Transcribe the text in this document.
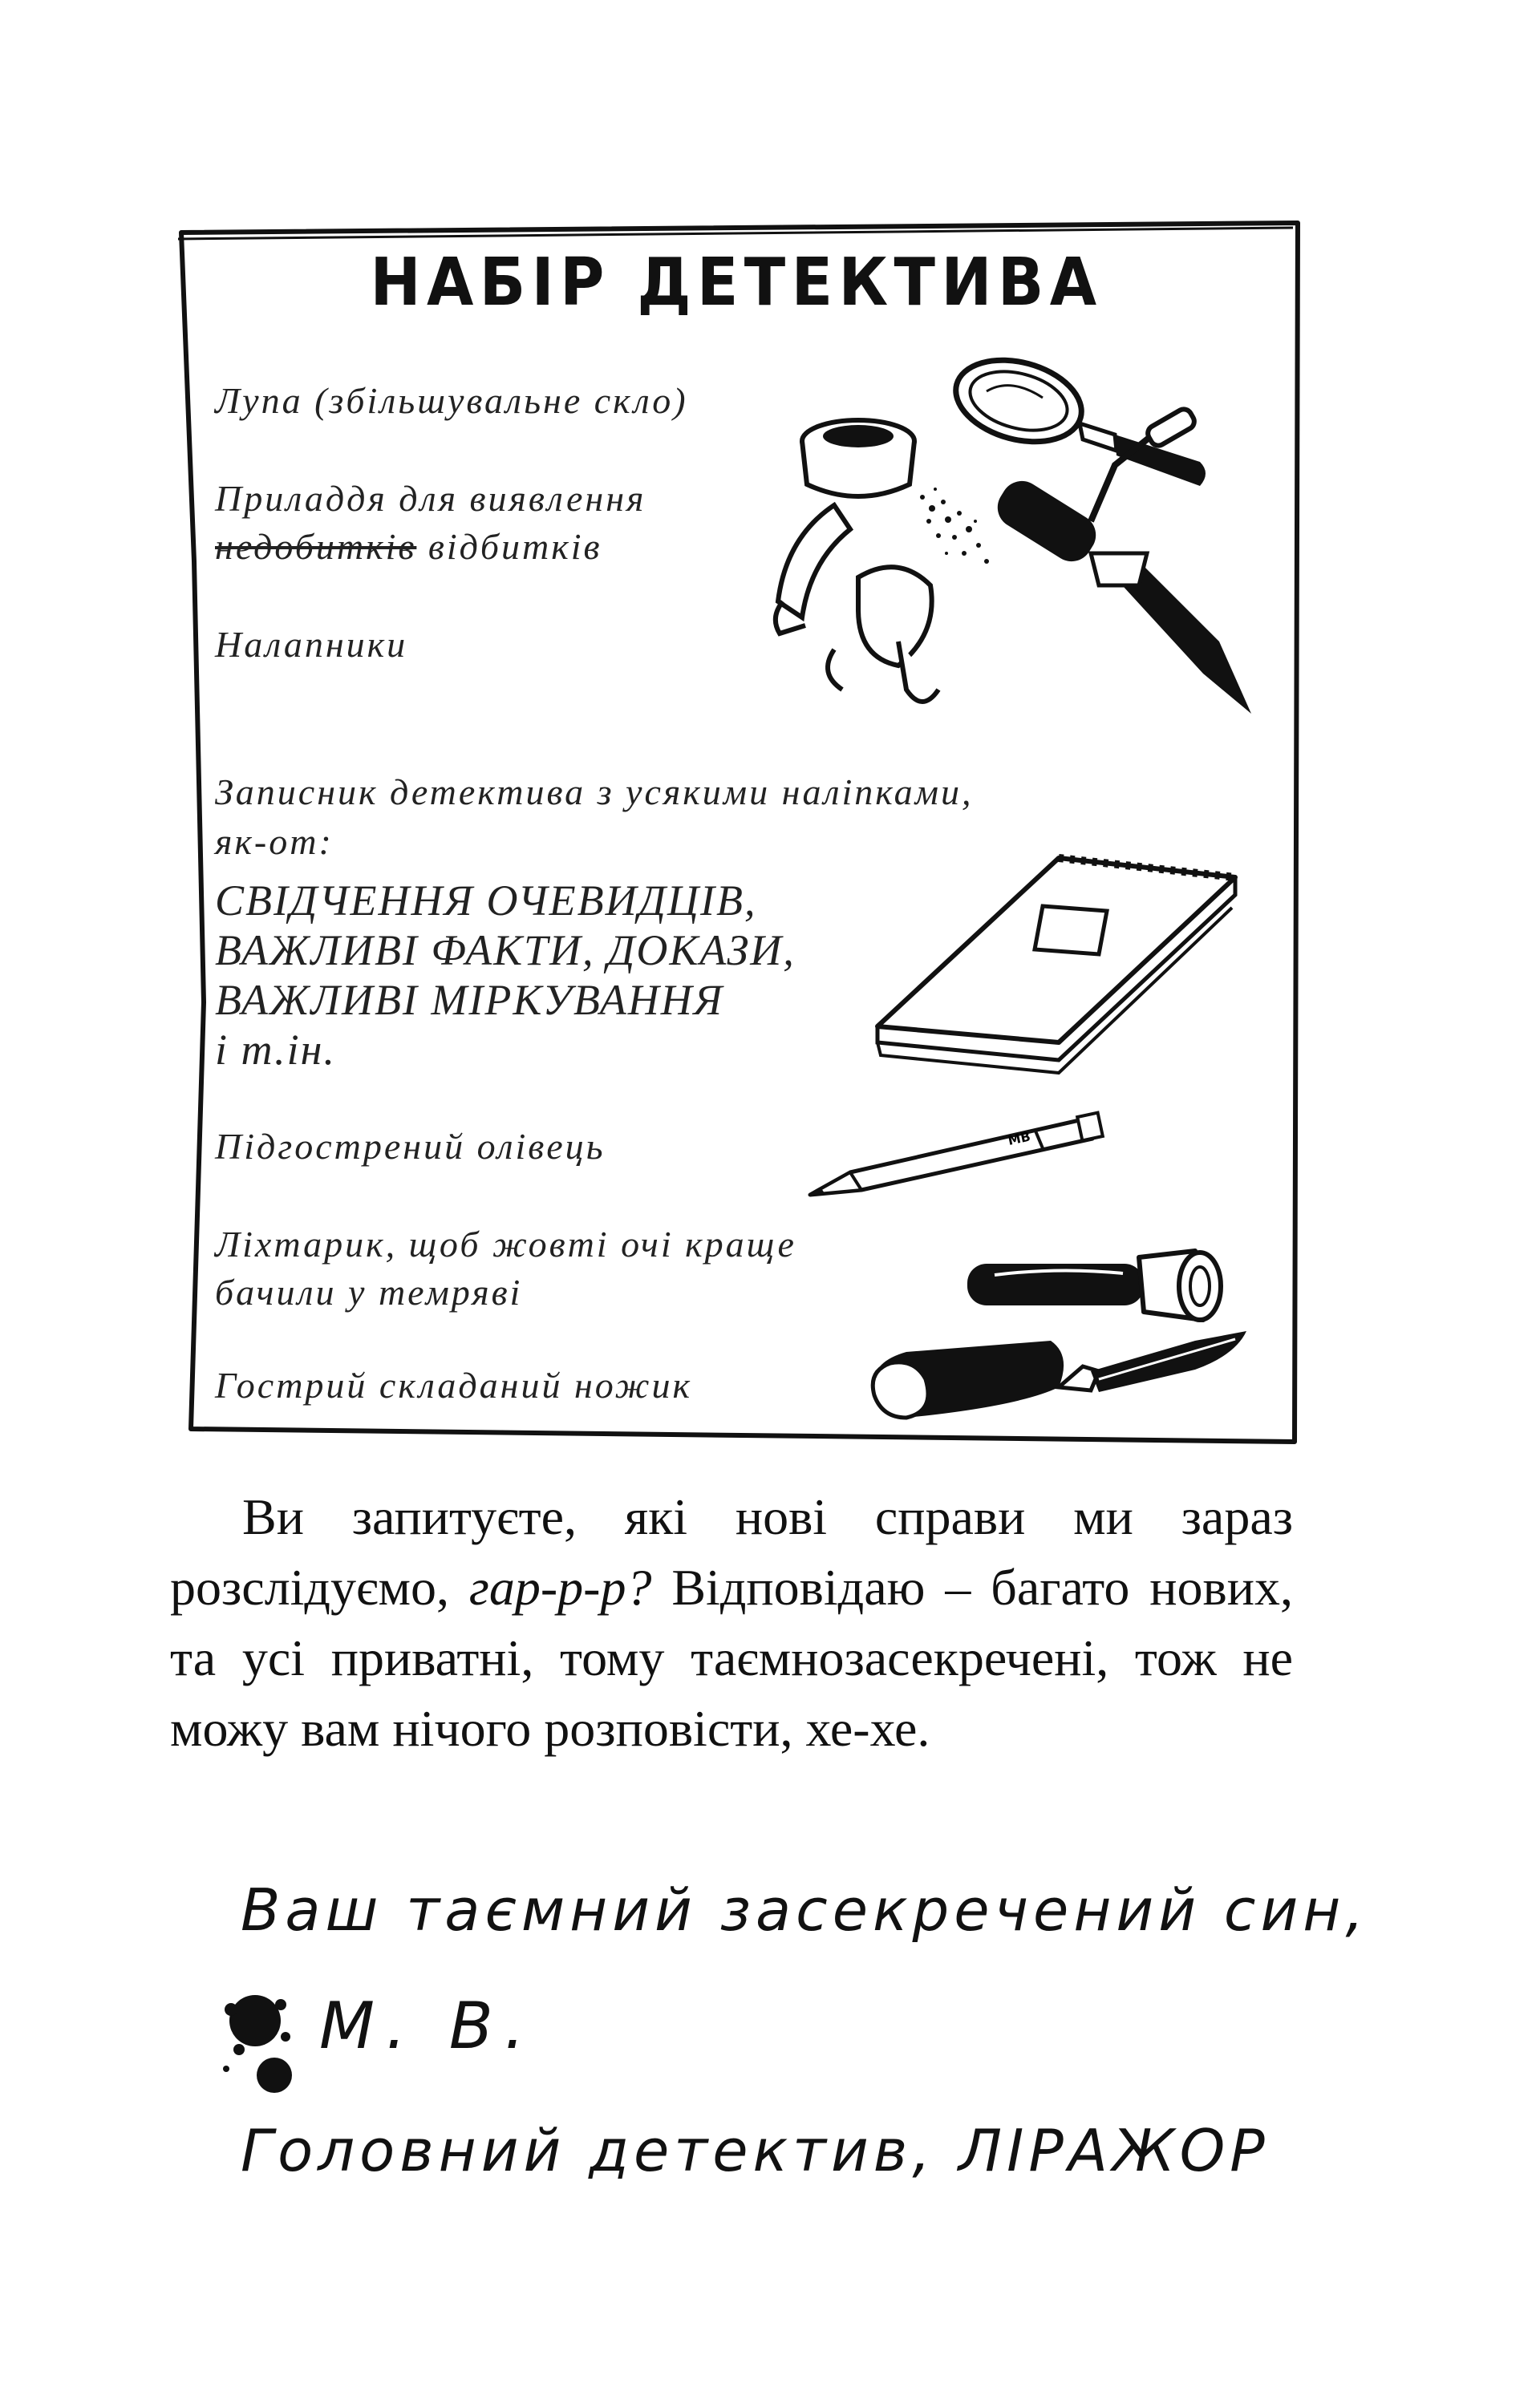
НАБІР ДЕТЕКТИВА
Лупа (збільшувальне скло)
Приладдя для виявлення
недобитків відбитків
Налапники
Записник детектива з усякими наліпками,
як-от:
СВІДЧЕННЯ ОЧЕВИДЦІВ,
ВАЖЛИВІ ФАКТИ, ДОКАЗИ,
ВАЖЛИВІ МІРКУВАННЯ
і т.ін.
Підгострений олівець
Ліхтарик, щоб жовті очі краще
бачили у темряві
Гострий складаний ножик
MB
Ви запитуєте, які нові справи ми зараз розслідуємо, гар-р-р? Відповідаю – багато нових, та усі приватні, тому таємнозасекречені, тож не можу вам нічого розповісти, хе-хе.
Ваш таємний засекречений син,
М. В.
Головний детектив, ЛІРАЖОР
